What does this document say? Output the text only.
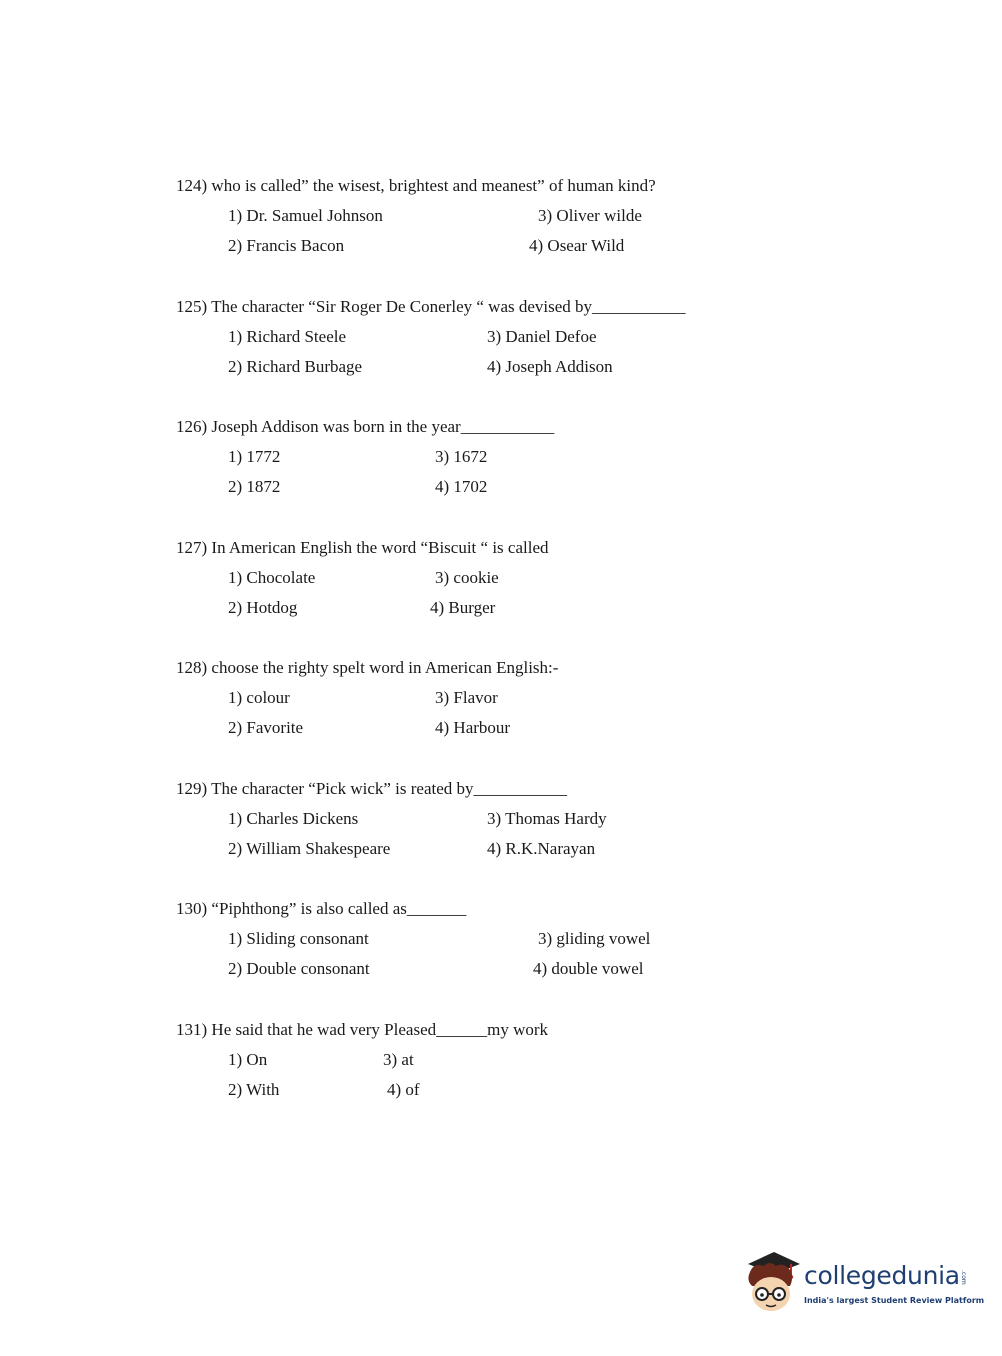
124) who is called” the wisest, brightest and meanest” of human kind?
1) Dr. Samuel Johnson
2) Francis Bacon
3) Oliver wilde
4) Osear Wild
125) The character “Sir Roger De Conerley “ was devised by___________
1) Richard Steele
2) Richard Burbage
3) Daniel Defoe
4) Joseph Addison
126) Joseph Addison was born in the year___________
1) 1772
2) 1872
3) 1672
4) 1702
127) In American English the word “Biscuit “ is called
1) Chocolate
2) Hotdog
3) cookie
4) Burger
128) choose the righty spelt word in American English:-
1) colour
2) Favorite
3) Flavor
4) Harbour
129) The character “Pick wick” is reated by___________
1) Charles Dickens
2) William Shakespeare
3) Thomas Hardy
4) R.K.Narayan
130) “Piphthong” is also called as_______
1) Sliding consonant
2) Double consonant
3) gliding vowel
4) double vowel
131) He said that he wad very Pleased______my work
1) On
2) With
3) at
4) of
collegedunia .com
India's largest Student Review Platform
